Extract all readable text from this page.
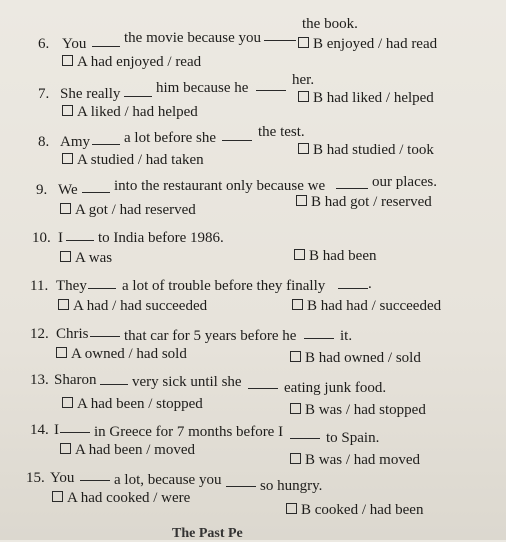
6. You	the movie because you
the book.
A had enjoyed / read
B enjoyed / had read
7. She really him because he	her.
A liked / had helped
B had liked / helped
8. Amy a lot before she	the test.
A studied / had taken
B had studied / took
9. We into the restaurant only because we	our places.
A got / had reserved	B had got / reserved
10. I to India before 1986.
A was	B had been
11. They a lot of trouble before they finally	.
A had / had succeeded	B had had / succeeded
12. Chris that car for 5 years before he	it.
A owned / had sold	B had owned / sold
13. Sharon very sick until she	eating junk food.
A had been / stopped	B was / had stopped
14. I in Greece for 7 months before I	to Spain.
A had been / moved
B was / had moved
15. You	a lot, because you	so hungry.
A had cooked / were
B cooked / had been
The Past Pe
